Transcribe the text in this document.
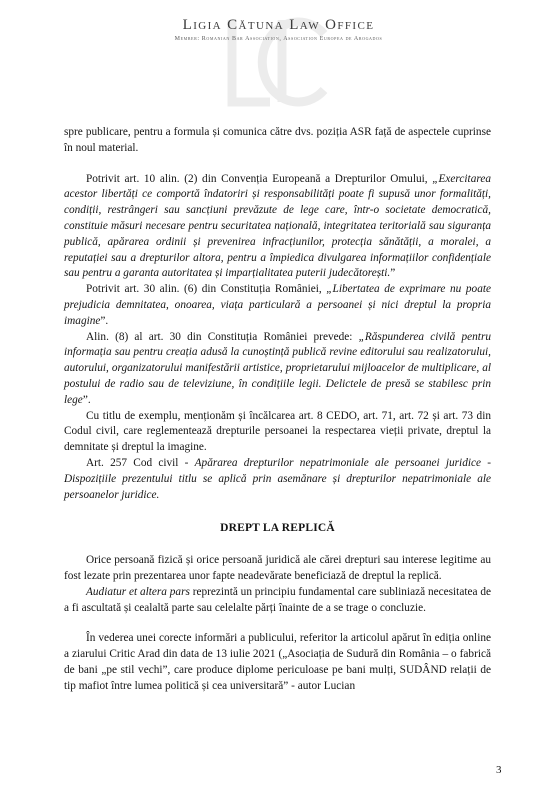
Ligia Cătuna Law Office
Member: Romanian Bar Association, Association Europea de Abogados

spre publicare, pentru a formula și comunica către dvs. poziția ASR față de aspectele cuprinse în noul material.

Potrivit art. 10 alin. (2) din Convenția Europeană a Drepturilor Omului, „Exercitarea acestor libertăți ce comportă îndatoriri și responsabilități poate fi supusă unor formalități, condiții, restrângeri sau sancțiuni prevăzute de lege care, într-o societate democratică, constituie măsuri necesare pentru securitatea națională, integritatea teritorială sau siguranța publică, apărarea ordinii și prevenirea infracțiunilor, protecția sănătății, a moralei, a reputației sau a drepturilor altora, pentru a împiedica divulgarea informațiilor confidențiale sau pentru a garanta autoritatea și imparțialitatea puterii judecătorești.”

Potrivit art. 30 alin. (6) din Constituția României, „Libertatea de exprimare nu poate prejudicia demnitatea, onoarea, viața particulară a persoanei și nici dreptul la propria imagine”.

Alin. (8) al art. 30 din Constituția României prevede: „Răspunderea civilă pentru informația sau pentru creația adusă la cunoștință publică revine editorului sau realizatorului, autorului, organizatorului manifestării artistice, proprietarului mijloacelor de multiplicare, al postului de radio sau de televiziune, în condițiile legii. Delictele de presă se stabilesc prin lege”.

Cu titlu de exemplu, menționăm și încălcarea art. 8 CEDO, art. 71, art. 72 și art. 73 din Codul civil, care reglementează drepturile persoanei la respectarea vieții private, dreptul la demnitate și dreptul la imagine.

Art. 257 Cod civil - Apărarea drepturilor nepatrimoniale ale persoanei juridice - Dispozițiile prezentului titlu se aplică prin asemănare și drepturilor nepatrimoniale ale persoanelor juridice.

DREPT LA REPLICĂ

Orice persoană fizică și orice persoană juridică ale cărei drepturi sau interese legitime au fost lezate prin prezentarea unor fapte neadevărate beneficiază de dreptul la replică.

Audiatur et altera pars reprezintă un principiu fundamental care subliniază necesitatea de a fi ascultată și cealaltă parte sau celelalte părți înainte de a se trage o concluzie.

În vederea unei corecte informări a publicului, referitor la articolul apărut în ediția online a ziarului Critic Arad din data de 13 iulie 2021 („Asociația de Sudură din România – o fabrică de bani „pe stil vechi”, care produce diplome periculoase pe bani mulți, SUDÂND relații de tip mafiot între lumea politică și cea universitară” - autor Lucian

3
